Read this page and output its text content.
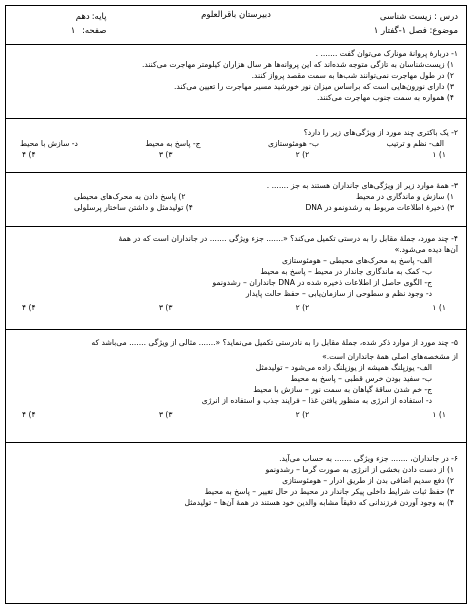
درس : زیست شناسی
موضوع: فصل ۱-گفتار ۱
دبیرستان باقرالعلوم
پایه:دهم
صفحه:۱
۱- دربارهٔ پروانهٔ مونارک می‌توان گفت ....... .
۱) زیست‌شناسان به تازگی متوجه شده‌اند که این پروانه‌ها هر سال هزاران کیلومتر مهاجرت می‌کنند.
۲) در طول مهاجرت نمی‌توانند شب‌ها به سمت مقصد پرواز کنند.
۳) دارای نورون‌هایی است که براساس میزان نور خورشید مسیر مهاجرت را تعیین می‌کند.
۴) همواره به سمت جنوب مهاجرت می‌کنند.
۲- یک باکتری چند مورد از ویژگی‌های زیر را دارد؟
الف- نظم و ترتیب
ب- هومئوستازی
ج- پاسخ به محیط
د- سازش با محیط
۱) ۱
۲) ۲
۳) ۳
۴) ۴
۳- همهٔ موارد زیر از ویژگی‌های جانداران هستند به جز ....... .
۱) سازش و ماندگاری در محیط
۲) پاسخ دادن به محرک‌های محیطی
۳) ذخیرهٔ اطلاعات مربوط به رشدونمو در DNA
۴) تولیدمثل و داشتن ساختار پرسلولی
۴- چند مورد، جملهٔ مقابل را به درستی تکمیل می‌کند؟ «....... جزء ویژگی ....... در جانداران است که در همهٔ
آن‌ها دیده می‌شود.»
الف- پاسخ به محرک‌های محیطی – هومئوستازی
ب- کمک به ماندگاری جاندار در محیط – پاسخ به محیط
ج- الگوی حاصل از اطلاعات ذخیره شده در DNA جانداران – رشدونمو
د- وجود نظم و سطوحی از سازمان‌یابی – حفظ حالت پایدار
۱) ۱
۲) ۲
۳) ۳
۴) ۴
۵- چند مورد از موارد ذکر شده، جملهٔ مقابل را به نادرستی تکمیل می‌نماید؟ «....... مثالی از ویژگی ....... می‌باشد که
از مشخصه‌های اصلی همهٔ جانداران است.»
الف- یوزپلنگ همیشه از یوزپلنگ زاده می‌شود – تولیدمثل
ب- سفید بودن خرس قطبی – پاسخ به محیط
ج- خم شدن ساقهٔ گیاهان به سمت نور – سازش با محیط
د- استفاده از انرژی به منظور یافتن غذا – فرایند جذب و استفاده از انرژی
۱) ۱
۲) ۲
۳) ۳
۴) ۴
۶- در جانداران، ....... جزء ویژگی ....... به حساب می‌آید.
۱) از دست دادن بخشی از انرژی به صورت گرما – رشدونمو
۲) دفع سدیم اضافی بدن از طریق ادرار – هومئوستازی
۳) حفظ ثبات شرایط داخلی پیکر جاندار در محیط در حال تغییر – پاسخ به محیط
۴) به وجود آوردن فرزندانی که دقیقاً مشابه والدین خود هستند در همهٔ آن‌ها – تولیدمثل
